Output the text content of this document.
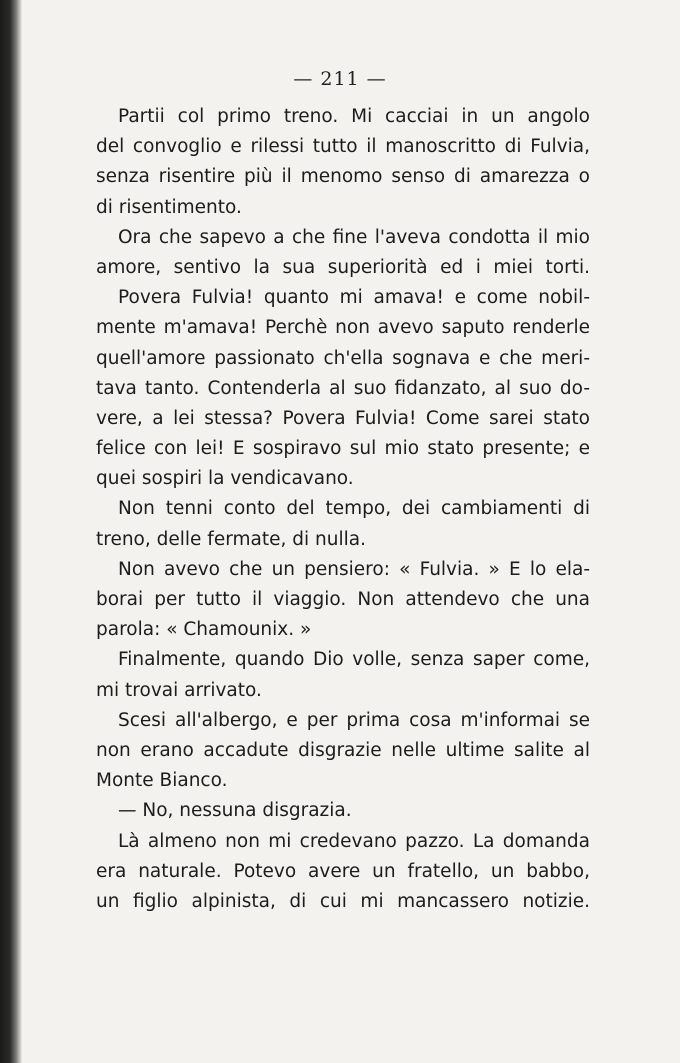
— 211 —
Partii col primo treno. Mi cacciai in un angolo
del convoglio e rilessi tutto il manoscritto di Fulvia,
senza risentire più il menomo senso di amarezza o
di risentimento.
Ora che sapevo a che fine l'aveva condotta il mio
amore, sentivo la sua superiorità ed i miei torti.
Povera Fulvia! quanto mi amava! e come nobil-
mente m'amava! Perchè non avevo saputo renderle
quell'amore passionato ch'ella sognava e che meri-
tava tanto. Contenderla al suo fidanzato, al suo do-
vere, a lei stessa? Povera Fulvia! Come sarei stato
felice con lei! E sospiravo sul mio stato presente; e
quei sospiri la vendicavano.
Non tenni conto del tempo, dei cambiamenti di
treno, delle fermate, di nulla.
Non avevo che un pensiero: « Fulvia. » E lo ela-
borai per tutto il viaggio. Non attendevo che una
parola: « Chamounix. »
Finalmente, quando Dio volle, senza saper come,
mi trovai arrivato.
Scesi all'albergo, e per prima cosa m'informai se
non erano accadute disgrazie nelle ultime salite al
Monte Bianco.
— No, nessuna disgrazia.
Là almeno non mi credevano pazzo. La domanda
era naturale. Potevo avere un fratello, un babbo,
un figlio alpinista, di cui mi mancassero notizie.
